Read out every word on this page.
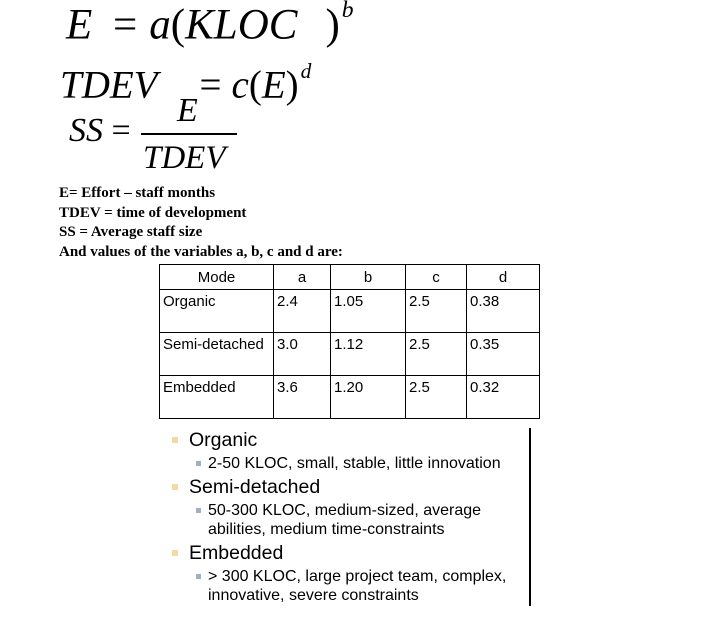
E = a(KLOC )$^b$
TDEV = $c(E)^d$
SS =
E
TDEV
E= Effort – staff months
TDEV = time of development
SS = Average staff size
And values of the variables a, b, c and d are:
Mode	a	b	c	d
Organic	2.4	1.05	2.5	0.38
Semi-detached	3.0	1.12	2.5	0.35
Embedded	3.6	1.20	2.5	0.32
Organic
2-50 KLOC, small, stable, little innovation
Semi-detached
50-300 KLOC, medium-sized, average abilities, medium time-constraints
Embedded
> 300 KLOC, large project team, complex, innovative, severe constraints
